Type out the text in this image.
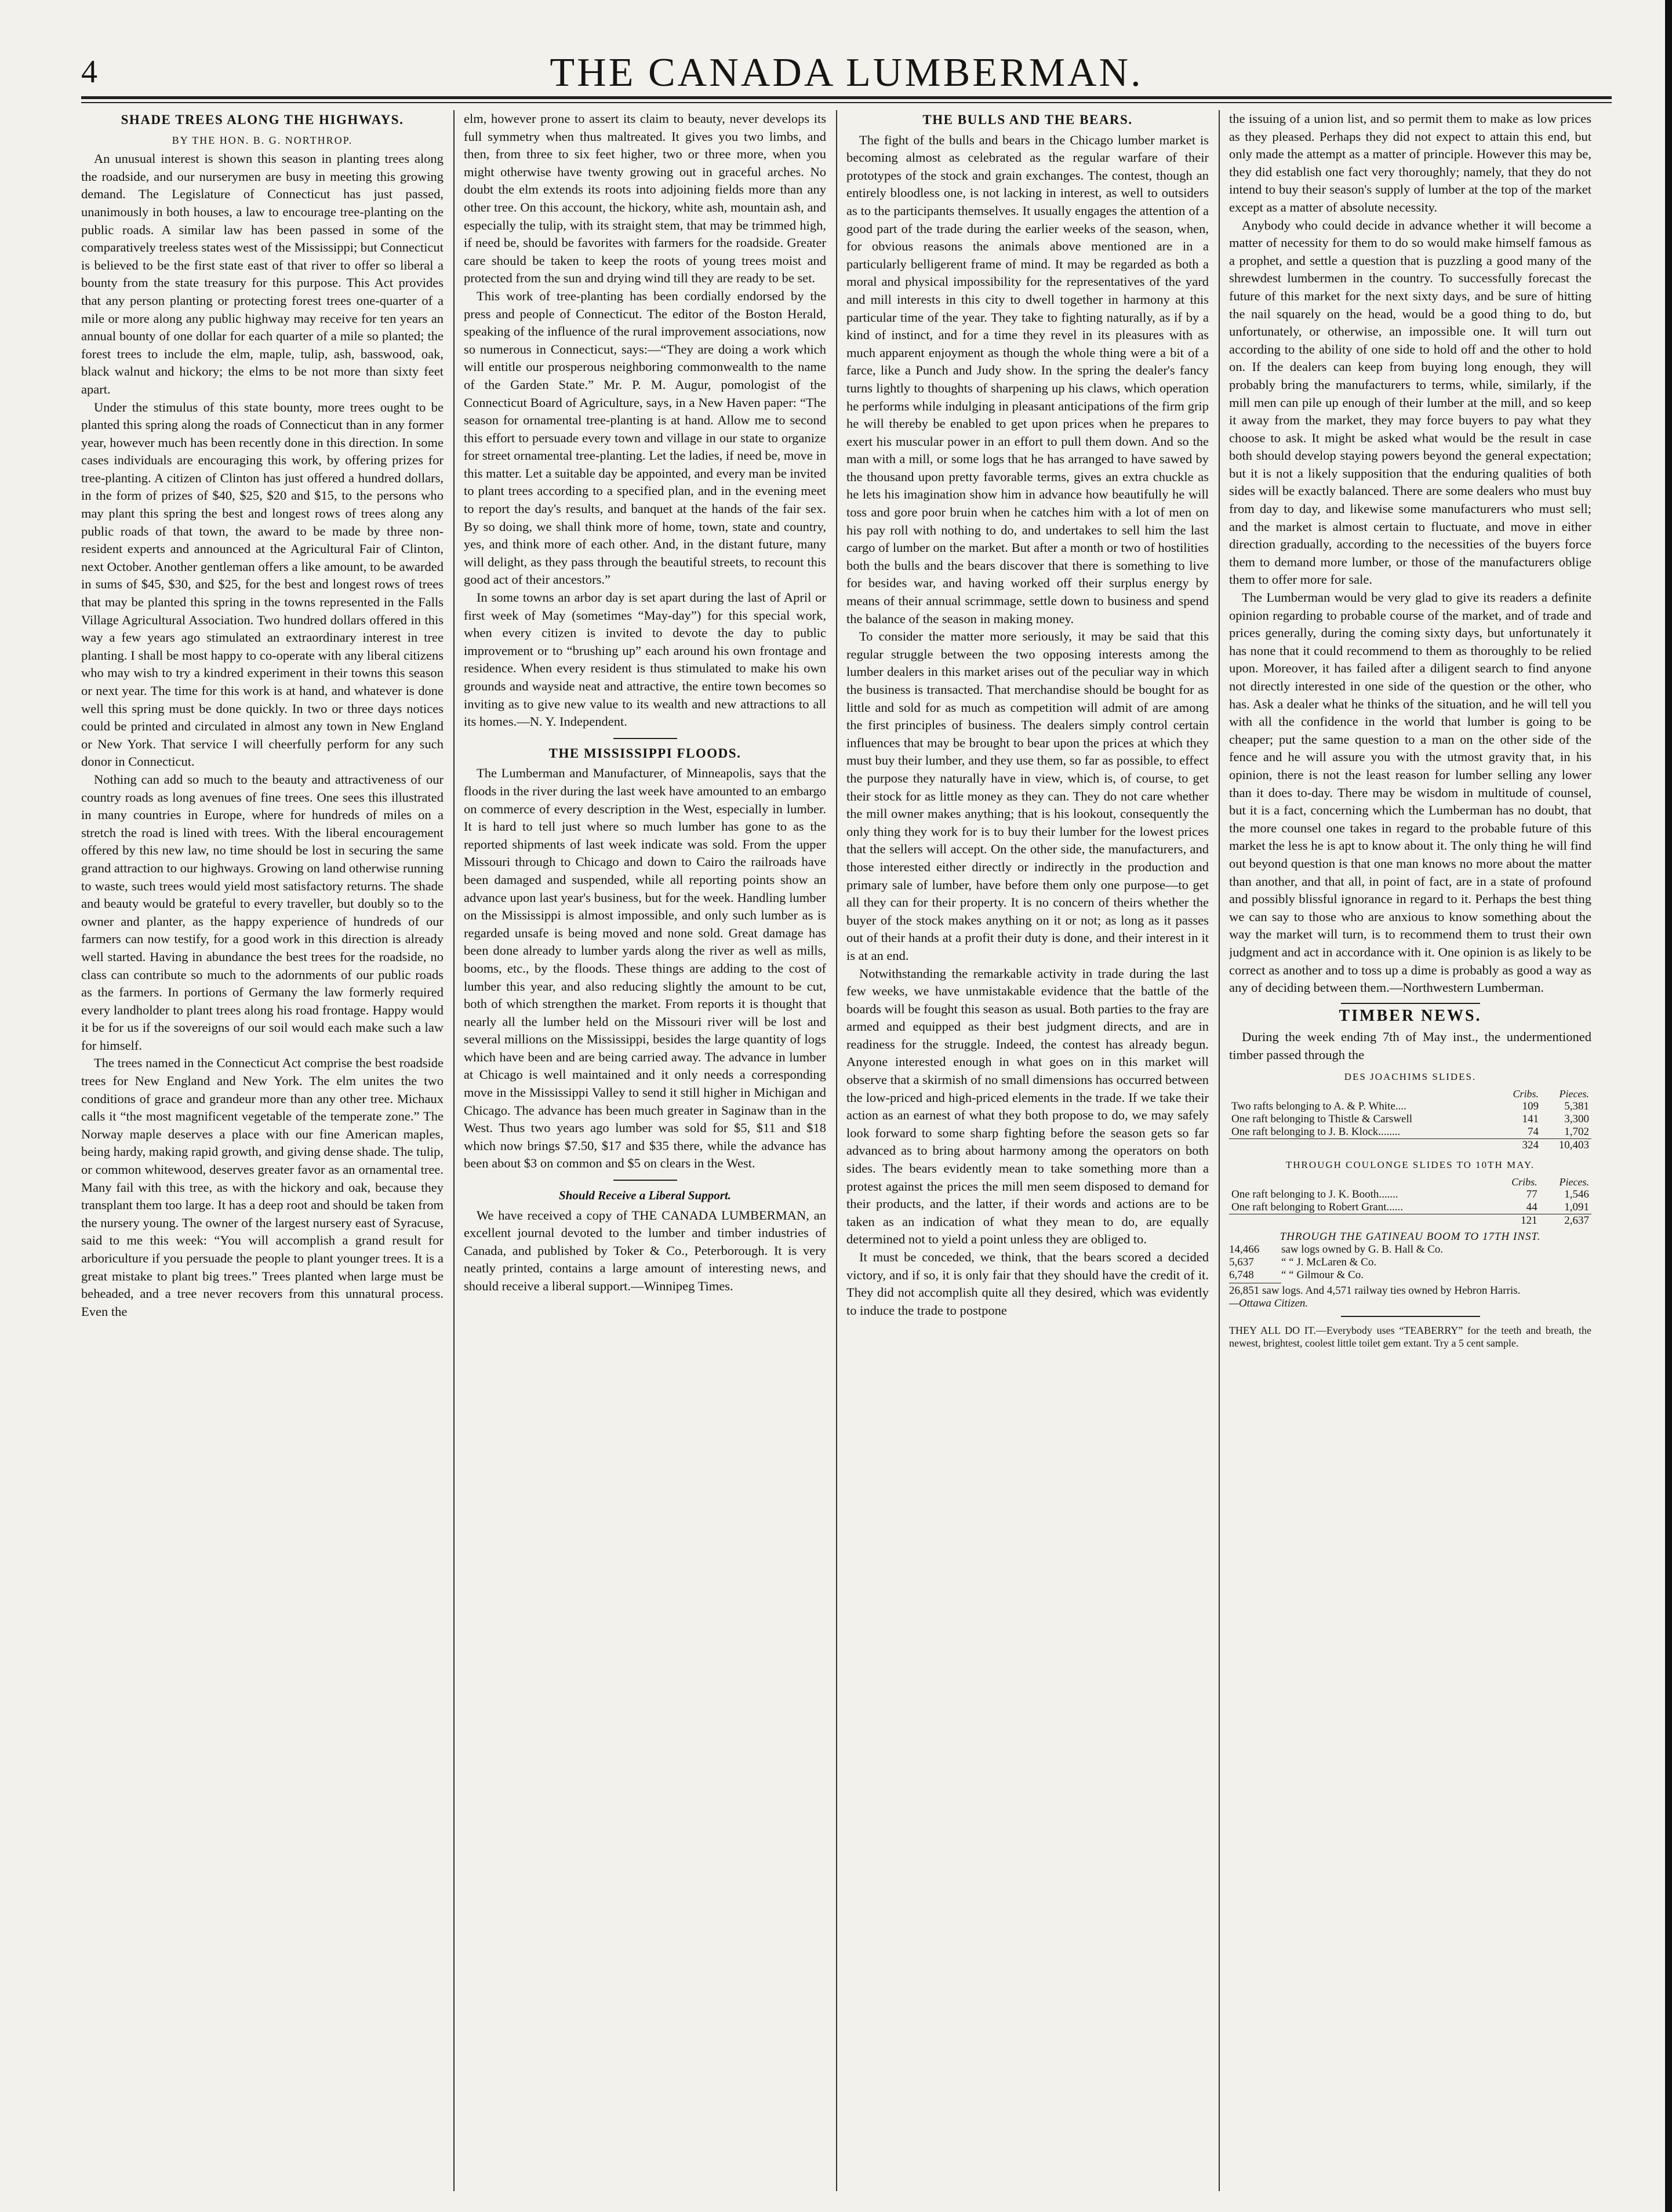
4	THE CANADA LUMBERMAN.
SHADE TREES ALONG THE HIGHWAYS.
BY THE HON. B. G. NORTHROP.

An unusual interest is shown this season in planting trees along the roadside, and our nurserymen are busy in meeting this growing demand. The Legislature of Connecticut has just passed, unanimously in both houses, a law to encourage tree-planting on the public roads. A similar law has been passed in some of the comparatively treeless states west of the Mississippi; but Connecticut is believed to be the first state east of that river to offer so liberal a bounty from the state treasury for this purpose. This Act provides that any person planting or protecting forest trees one-quarter of a mile or more along any public highway may receive for ten years an annual bounty of one dollar for each quarter of a mile so planted; the forest trees to include the elm, maple, tulip, ash, basswood, oak, black walnut and hickory; the elms to be not more than sixty feet apart.

Under the stimulus of this state bounty, more trees ought to be planted this spring along the roads of Connecticut than in any former year, however much has been recently done in this direction. In some cases individuals are encouraging this work, by offering prizes for tree-planting. A citizen of Clinton has just offered a hundred dollars, in the form of prizes of $40, $25, $20 and $15, to the persons who may plant this spring the best and longest rows of trees along any public roads of that town, the award to be made by three non-resident experts and announced at the Agricultural Fair of Clinton, next October. Another gentleman offers a like amount, to be awarded in sums of $45, $30, and $25, for the best and longest rows of trees that may be planted this spring in the towns represented in the Falls Village Agricultural Association. Two hundred dollars offered in this way a few years ago stimulated an extraordinary interest in tree planting. I shall be most happy to co-operate with any liberal citizens who may wish to try a kindred experiment in their towns this season or next year. The time for this work is at hand, and whatever is done well this spring must be done quickly. In two or three days notices could be printed and circulated in almost any town in New England or New York. That service I will cheerfully perform for any such donor in Connecticut.

Nothing can add so much to the beauty and attractiveness of our country roads as long avenues of fine trees. One sees this illustrated in many countries in Europe, where for hundreds of miles on a stretch the road is lined with trees. With the liberal encouragement offered by this new law, no time should be lost in securing the same grand attraction to our highways. Growing on land otherwise running to waste, such trees would yield most satisfactory returns. The shade and beauty would be grateful to every traveller, but doubly so to the owner and planter, as the happy experience of hundreds of our farmers can now testify, for a good work in this direction is already well started. Having in abundance the best trees for the roadside, no class can contribute so much to the adornments of our public roads as the farmers. In portions of Germany the law formerly required every landholder to plant trees along his road frontage. Happy would it be for us if the sovereigns of our soil would each make such a law for himself.

The trees named in the Connecticut Act comprise the best roadside trees for New England and New York. The elm unites the two conditions of grace and grandeur more than any other tree. Michaux calls it “the most magnificent vegetable of the temperate zone.” The Norway maple deserves a place with our fine American maples, being hardy, making rapid growth, and giving dense shade. The tulip, or common whitewood, deserves greater favor as an ornamental tree. Many fail with this tree, as with the hickory and oak, because they transplant them too large. It has a deep root and should be taken from the nursery young. The owner of the largest nursery east of Syracuse, said to me this week: “You will accomplish a grand result for arboriculture if you persuade the people to plant younger trees. It is a great mistake to plant big trees.” Trees planted when large must be beheaded, and a tree never recovers from this unnatural process. Even the

elm, however prone to assert its claim to beauty, never develops its full symmetry when thus maltreated. It gives you two limbs, and then, from three to six feet higher, two or three more, when you might otherwise have twenty growing out in graceful arches. No doubt the elm extends its roots into adjoining fields more than any other tree. On this account, the hickory, white ash, mountain ash, and especially the tulip, with its straight stem, that may be trimmed high, if need be, should be favorites with farmers for the roadside. Greater care should be taken to keep the roots of young trees moist and protected from the sun and drying wind till they are ready to be set.

This work of tree-planting has been cordially endorsed by the press and people of Connecticut. The editor of the Boston Herald, speaking of the influence of the rural improvement associations, now so numerous in Connecticut, says:—“They are doing a work which will entitle our prosperous neighboring commonwealth to the name of the Garden State.” Mr. P. M. Augur, pomologist of the Connecticut Board of Agriculture, says, in a New Haven paper: “The season for ornamental tree-planting is at hand. Allow me to second this effort to persuade every town and village in our state to organize for street ornamental tree-planting. Let the ladies, if need be, move in this matter. Let a suitable day be appointed, and every man be invited to plant trees according to a specified plan, and in the evening meet to report the day's results, and banquet at the hands of the fair sex. By so doing, we shall think more of home, town, state and country, yes, and think more of each other. And, in the distant future, many will delight, as they pass through the beautiful streets, to recount this good act of their ancestors.”

In some towns an arbor day is set apart during the last of April or first week of May (sometimes “May-day”) for this special work, when every citizen is invited to devote the day to public improvement or to “brushing up” each around his own frontage and residence. When every resident is thus stimulated to make his own grounds and wayside neat and attractive, the entire town becomes so inviting as to give new value to its wealth and new attractions to all its homes.—N. Y. Independent.

THE MISSISSIPPI FLOODS.

The Lumberman and Manufacturer, of Minneapolis, says that the floods in the river during the last week have amounted to an embargo on commerce of every description in the West, especially in lumber. It is hard to tell just where so much lumber has gone to as the reported shipments of last week indicate was sold. From the upper Missouri through to Chicago and down to Cairo the railroads have been damaged and suspended, while all reporting points show an advance upon last year's business, but for the week. Handling lumber on the Mississippi is almost impossible, and only such lumber as is regarded unsafe is being moved and none sold. Great damage has been done already to lumber yards along the river as well as mills, booms, etc., by the floods. These things are adding to the cost of lumber this year, and also reducing slightly the amount to be cut, both of which strengthen the market. From reports it is thought that nearly all the lumber held on the Missouri river will be lost and several millions on the Mississippi, besides the large quantity of logs which have been and are being carried away. The advance in lumber at Chicago is well maintained and it only needs a corresponding move in the Mississippi Valley to send it still higher in Michigan and Chicago. The advance has been much greater in Saginaw than in the West. Thus two years ago lumber was sold for $5, $11 and $18 which now brings $7.50, $17 and $35 there, while the advance has been about $3 on common and $5 on clears in the West.

Should Receive a Liberal Support.

We have received a copy of THE CANADA LUMBERMAN, an excellent journal devoted to the lumber and timber industries of Canada, and published by Toker & Co., Peterborough. It is very neatly printed, contains a large amount of interesting news, and should receive a liberal support.—Winnipeg Times.

THE BULLS AND THE BEARS.

The fight of the bulls and bears in the Chicago lumber market is becoming almost as celebrated as the regular warfare of their prototypes of the stock and grain exchanges. The contest, though an entirely bloodless one, is not lacking in interest, as well to outsiders as to the participants themselves. It usually engages the attention of a good part of the trade during the earlier weeks of the season, when, for obvious reasons the animals above mentioned are in a particularly belligerent frame of mind. It may be regarded as both a moral and physical impossibility for the representatives of the yard and mill interests in this city to dwell together in harmony at this particular time of the year. They take to fighting naturally, as if by a kind of instinct, and for a time they revel in its pleasures with as much apparent enjoyment as though the whole thing were a bit of a farce, like a Punch and Judy show. In the spring the dealer's fancy turns lightly to thoughts of sharpening up his claws, which operation he performs while indulging in pleasant anticipations of the firm grip he will thereby be enabled to get upon prices when he prepares to exert his muscular power in an effort to pull them down. And so the man with a mill, or some logs that he has arranged to have sawed by the thousand upon pretty favorable terms, gives an extra chuckle as he lets his imagination show him in advance how beautifully he will toss and gore poor bruin when he catches him with a lot of men on his pay roll with nothing to do, and undertakes to sell him the last cargo of lumber on the market. But after a month or two of hostilities both the bulls and the bears discover that there is something to live for besides war, and having worked off their surplus energy by means of their annual scrimmage, settle down to business and spend the balance of the season in making money.

To consider the matter more seriously, it may be said that this regular struggle between the two opposing interests among the lumber dealers in this market arises out of the peculiar way in which the business is transacted. That merchandise should be bought for as little and sold for as much as competition will admit of are among the first principles of business. The dealers simply control certain influences that may be brought to bear upon the prices at which they must buy their lumber, and they use them, so far as possible, to effect the purpose they naturally have in view, which is, of course, to get their stock for as little money as they can. They do not care whether the mill owner makes anything; that is his lookout, consequently the only thing they work for is to buy their lumber for the lowest prices that the sellers will accept. On the other side, the manufacturers, and those interested either directly or indirectly in the production and primary sale of lumber, have before them only one purpose—to get all they can for their property. It is no concern of theirs whether the buyer of the stock makes anything on it or not; as long as it passes out of their hands at a profit their duty is done, and their interest in it is at an end.

Notwithstanding the remarkable activity in trade during the last few weeks, we have unmistakable evidence that the battle of the boards will be fought this season as usual. Both parties to the fray are armed and equipped as their best judgment directs, and are in readiness for the struggle. Indeed, the contest has already begun. Anyone interested enough in what goes on in this market will observe that a skirmish of no small dimensions has occurred between the low-priced and high-priced elements in the trade. If we take their action as an earnest of what they both propose to do, we may safely look forward to some sharp fighting before the season gets so far advanced as to bring about harmony among the operators on both sides. The bears evidently mean to take something more than a protest against the prices the mill men seem disposed to demand for their products, and the latter, if their words and actions are to be taken as an indication of what they mean to do, are equally determined not to yield a point unless they are obliged to.

It must be conceded, we think, that the bears scored a decided victory, and if so, it is only fair that they should have the credit of it. They did not accomplish quite all they desired, which was evidently to induce the trade to postpone

the issuing of a union list, and so permit them to make as low prices as they pleased. Perhaps they did not expect to attain this end, but only made the attempt as a matter of principle. However this may be, they did establish one fact very thoroughly; namely, that they do not intend to buy their season's supply of lumber at the top of the market except as a matter of absolute necessity.

Anybody who could decide in advance whether it will become a matter of necessity for them to do so would make himself famous as a prophet, and settle a question that is puzzling a good many of the shrewdest lumbermen in the country. To successfully forecast the future of this market for the next sixty days, and be sure of hitting the nail squarely on the head, would be a good thing to do, but unfortunately, or otherwise, an impossible one. It will turn out according to the ability of one side to hold off and the other to hold on. If the dealers can keep from buying long enough, they will probably bring the manufacturers to terms, while, similarly, if the mill men can pile up enough of their lumber at the mill, and so keep it away from the market, they may force buyers to pay what they choose to ask. It might be asked what would be the result in case both should develop staying powers beyond the general expectation; but it is not a likely supposition that the enduring qualities of both sides will be exactly balanced. There are some dealers who must buy from day to day, and likewise some manufacturers who must sell; and the market is almost certain to fluctuate, and move in either direction gradually, according to the necessities of the buyers force them to demand more lumber, or those of the manufacturers oblige them to offer more for sale.

The Lumberman would be very glad to give its readers a definite opinion regarding to probable course of the market, and of trade and prices generally, during the coming sixty days, but unfortunately it has none that it could recommend to them as thoroughly to be relied upon. Moreover, it has failed after a diligent search to find anyone not directly interested in one side of the question or the other, who has. Ask a dealer what he thinks of the situation, and he will tell you with all the confidence in the world that lumber is going to be cheaper; put the same question to a man on the other side of the fence and he will assure you with the utmost gravity that, in his opinion, there is not the least reason for lumber selling any lower than it does to-day. There may be wisdom in multitude of counsel, but it is a fact, concerning which the Lumberman has no doubt, that the more counsel one takes in regard to the probable future of this market the less he is apt to know about it. The only thing he will find out beyond question is that one man knows no more about the matter than another, and that all, in point of fact, are in a state of profound and possibly blissful ignorance in regard to it. Perhaps the best thing we can say to those who are anxious to know something about the way the market will turn, is to recommend them to trust their own judgment and act in accordance with it. One opinion is as likely to be correct as another and to toss up a dime is probably as good a way as any of deciding between them.—Northwestern Lumberman.

TIMBER NEWS.

During the week ending 7th of May inst., the undermentioned timber passed through the

DES JOACHIMS SLIDES.
	Cribs.	Pieces.
Two rafts belonging to A. & P. White....	109	5,381
One raft belonging to Thistle & Carswell	141	3,300
One raft belonging to J. B. Klock........	74	1,702
	324	10,403
THROUGH COULONGE SLIDES TO 10TH MAY.
	Cribs.	Pieces.
One raft belonging to J. K. Booth.......	77	1,546
One raft belonging to Robert Grant......	44	1,091
	121	2,637
THROUGH THE GATINEAU BOOM TO 17TH INST.
14,466	saw logs owned by G. B. Hall & Co.
5,637	“ “ J. McLaren & Co.
6,748	“ “ Gilmour & Co.
26,851 saw logs. And 4,571 railway ties owned by Hebron Harris.
—Ottawa Citizen.
THEY ALL DO IT.—Everybody uses “TEABERRY” for the teeth and breath, the newest, brightest, coolest little toilet gem extant. Try a 5 cent sample.
